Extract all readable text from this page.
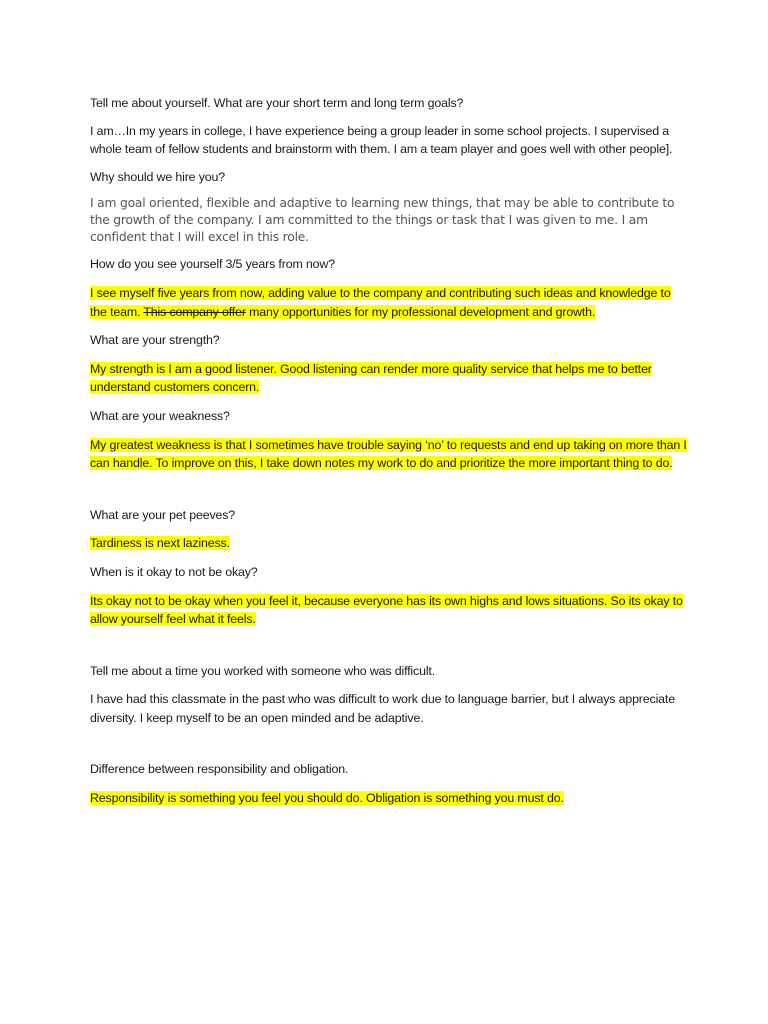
Tell me about yourself. What are your short term and long term goals?

I am…In my years in college, I have experience being a group leader in some school projects. I supervised a whole team of fellow students and brainstorm with them. I am a team player and goes well with other people].

Why should we hire you?

I am goal oriented, flexible and adaptive to learning new things, that may be able to contribute to the growth of the company. I am committed to the things or task that I was given to me. I am confident that I will excel in this role.

How do you see yourself 3/5 years from now?

I see myself five years from now, adding value to the company and contributing such ideas and knowledge to the team. This company offer many opportunities for my professional development and growth.

What are your strength?

My strength is I am a good listener. Good listening can render more quality service that helps me to better understand customers concern.

What are your weakness?

My greatest weakness is that I sometimes have trouble saying ‘no’ to requests and end up taking on more than I can handle. To improve on this, I take down notes my work to do and prioritize the more important thing to do.

What are your pet peeves?

Tardiness is next laziness.

When is it okay to not be okay?

Its okay not to be okay when you feel it, because everyone has its own highs and lows situations. So its okay to allow yourself feel what it feels.

Tell me about a time you worked with someone who was difficult.

I have had this classmate in the past who was difficult to work due to language barrier, but I always appreciate diversity. I keep myself to be an open minded and be adaptive.

Difference between responsibility and obligation.

Responsibility is something you feel you should do. Obligation is something you must do.
